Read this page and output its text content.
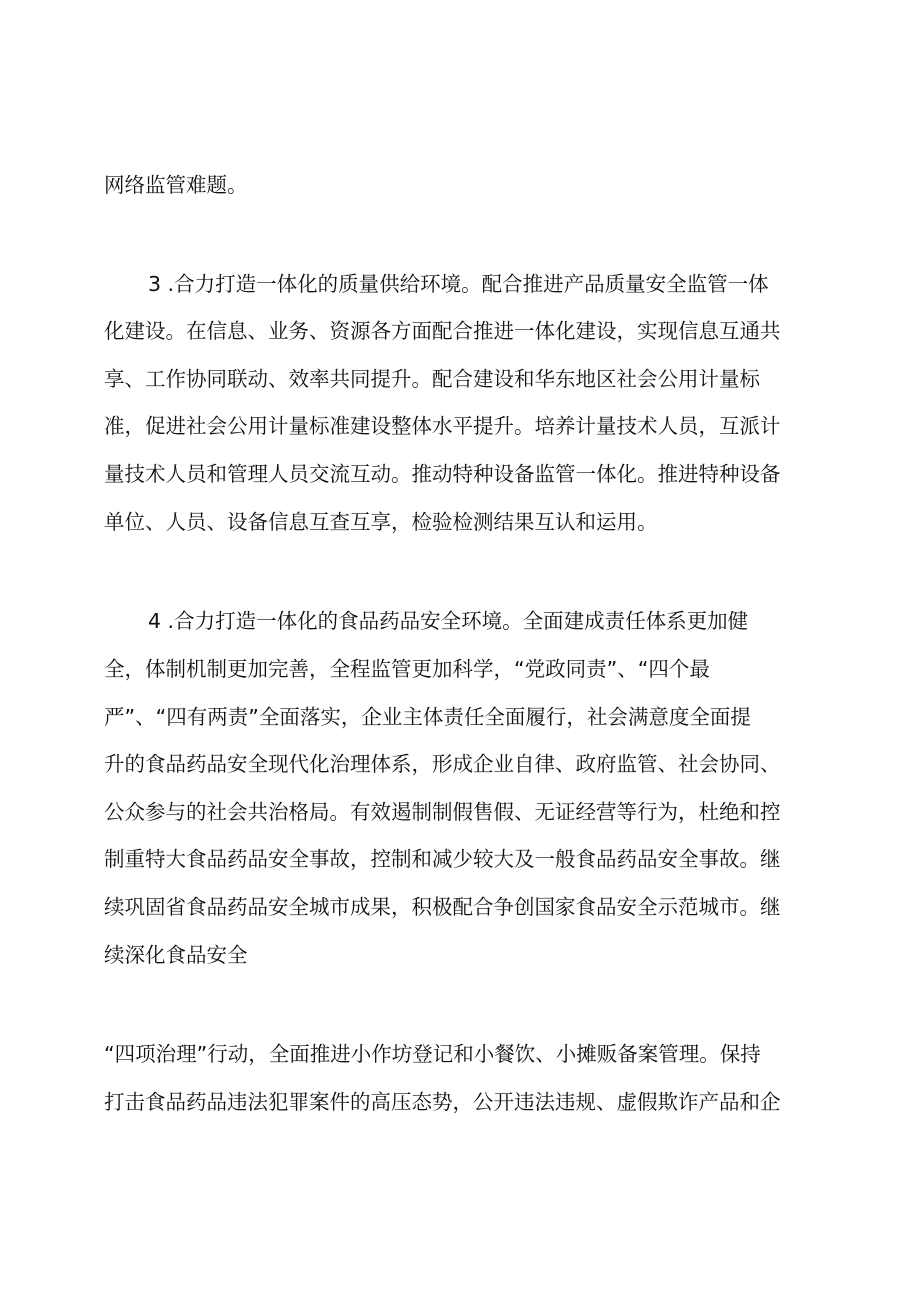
网络监管难题。

3 .合力打造一体化的质量供给环境。配合推进产品质量安全监管一体

化建设。在信息、业务、资源各方面配合推进一体化建设，实现信息互通共

享、工作协同联动、效率共同提升。配合建设和华东地区社会公用计量标

准，促进社会公用计量标准建设整体水平提升。培养计量技术人员，互派计

量技术人员和管理人员交流互动。推动特种设备监管一体化。推进特种设备

单位、人员、设备信息互查互享，检验检测结果互认和运用。

4 .合力打造一体化的食品药品安全环境。全面建成责任体系更加健

全，体制机制更加完善，全程监管更加科学，“党政同责”、“四个最

严”、“四有两责”全面落实，企业主体责任全面履行，社会满意度全面提

升的食品药品安全现代化治理体系，形成企业自律、政府监管、社会协同、

公众参与的社会共治格局。有效遏制制假售假、无证经营等行为，杜绝和控

制重特大食品药品安全事故，控制和减少较大及一般食品药品安全事故。继

续巩固省食品药品安全城市成果，积极配合争创国家食品安全示范城市。继

续深化食品安全

“四项治理”行动，全面推进小作坊登记和小餐饮、小摊贩备案管理。保持

打击食品药品违法犯罪案件的高压态势，公开违法违规、虚假欺诈产品和企
